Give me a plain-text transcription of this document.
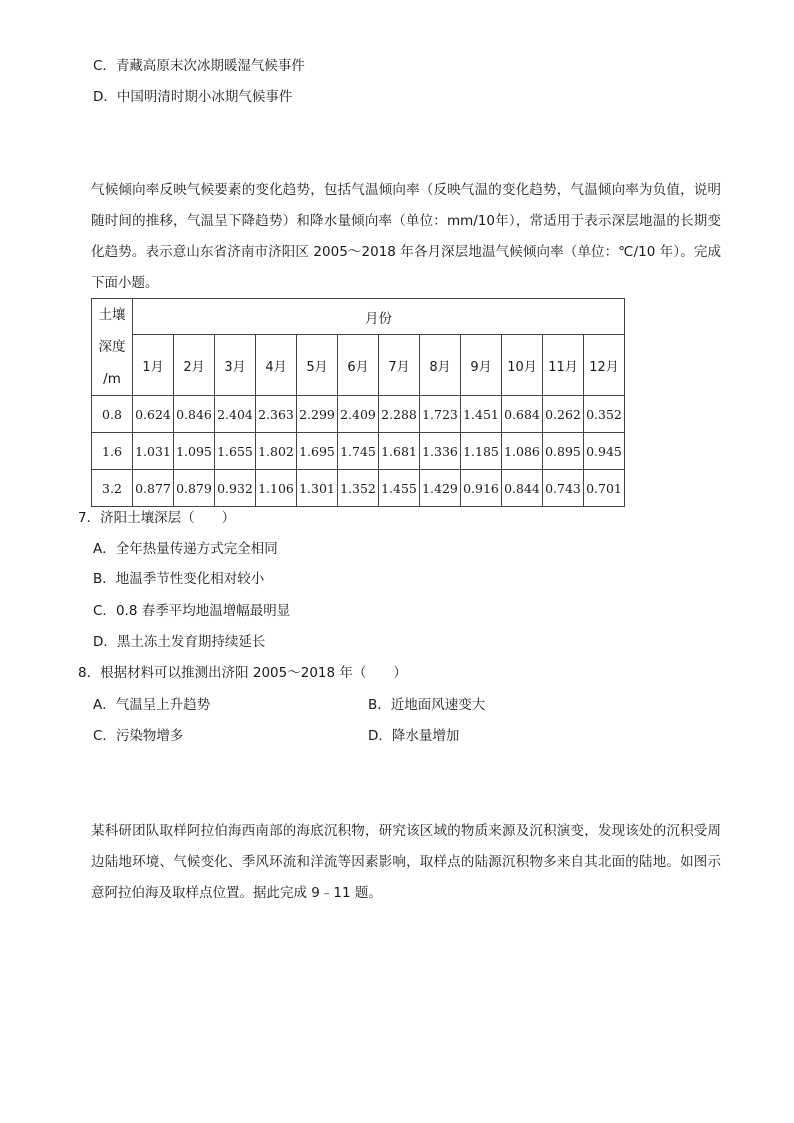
C．青藏高原末次冰期暖湿气候事件
D．中国明清时期小冰期气候事件
气候倾向率反映气候要素的变化趋势，包括气温倾向率（反映气温的变化趋势，气温倾向率为负值，说明随时间的推移，气温呈下降趋势）和降水量倾向率（单位：mm/10年），常适用于表示深层地温的长期变化趋势。表示意山东省济南市济阳区 2005～2018 年各月深层地温气候倾向率（单位：℃/10 年）。完成下面小题。
土壤
深度
/m	月份											
	1月	2月	3月	4月	5月	6月	7月	8月	9月	10月	11月	12月
0.8	0.624	0.846	2.404	2.363	2.299	2.409	2.288	1.723	1.451	0.684	0.262	0.352
1.6	1.031	1.095	1.655	1.802	1.695	1.745	1.681	1.336	1.185	1.086	0.895	0.945
3.2	0.877	0.879	0.932	1.106	1.301	1.352	1.455	1.429	0.916	0.844	0.743	0.701
7．济阳土壤深层（　　）
A．全年热量传递方式完全相同
B．地温季节性变化相对较小
C．0.8 春季平均地温增幅最明显
D．黑土冻土发育期持续延长
8．根据材料可以推测出济阳 2005～2018 年（　　）
A．气温呈上升趋势	B．近地面风速变大
C．污染物增多	D．降水量增加
某科研团队取样阿拉伯海西南部的海底沉积物，研究该区域的物质来源及沉积演变，发现该处的沉积受周边陆地环境、气候变化、季风环流和洋流等因素影响，取样点的陆源沉积物多来自其北面的陆地。如图示意阿拉伯海及取样点位置。据此完成 9﹣11 题。
